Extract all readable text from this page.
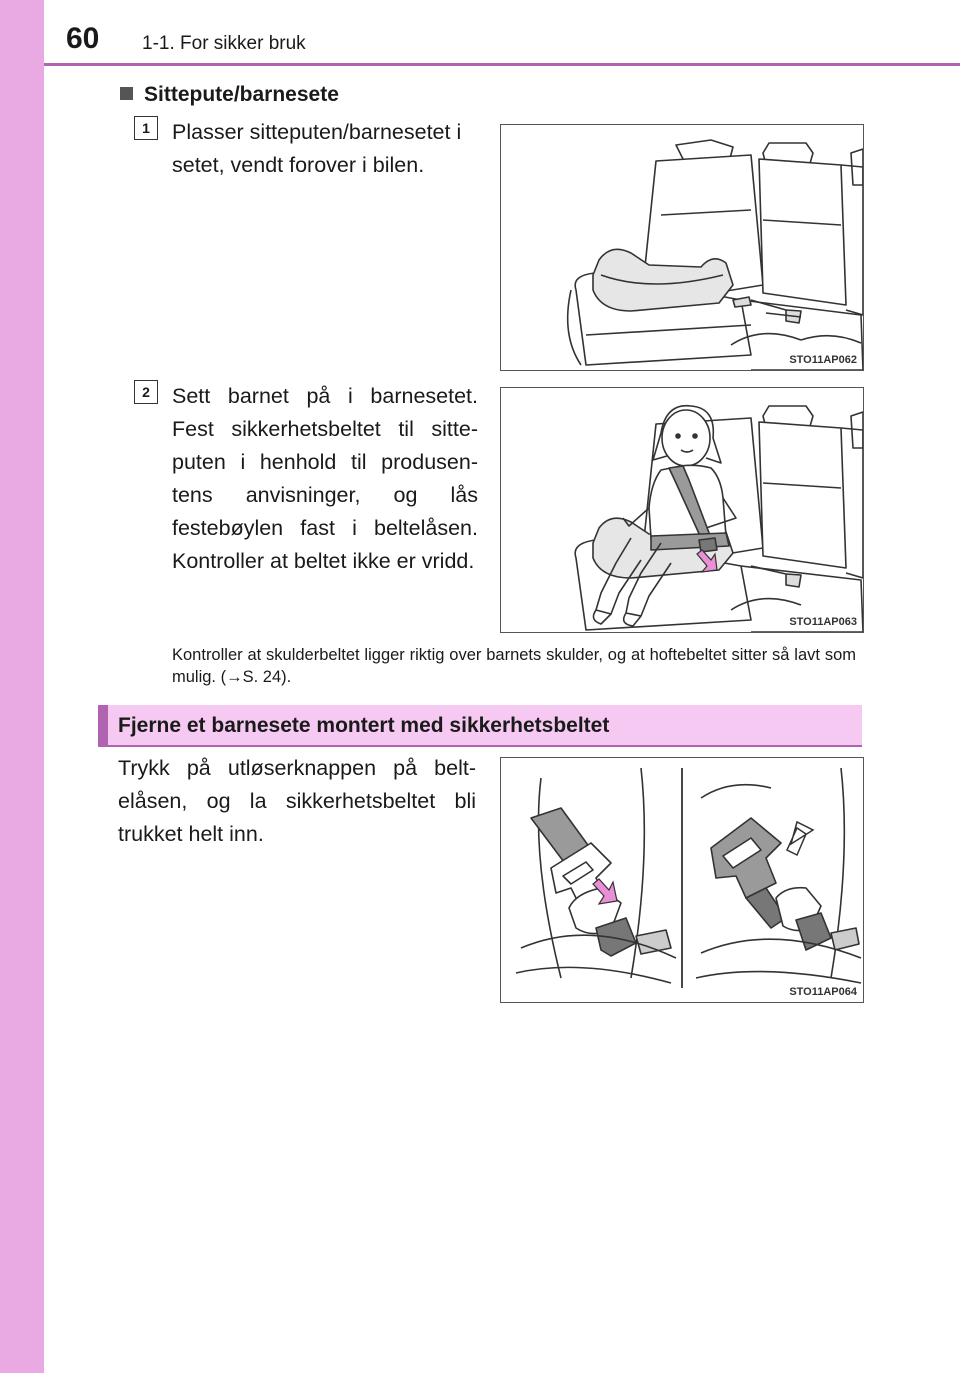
60 1-1. For sikker bruk
Sittepute/barnesete
1	Plasser sitteputen/barnesetet i setet, vendt forover i bilen.

STO11AP062
2	Sett barnet på i barnesetet. Fest sikkerhetsbeltet til sitte-puten i henhold til produsen-tens anvisninger, og lås festebøylen fast i beltelåsen. Kontroller at beltet ikke er vridd.

STO11AP063

Kontroller at skulderbeltet ligger riktig over barnets skulder, og at hoftebeltet sitter så lavt som mulig. (→S. 24).

Fjerne et barnesete montert med sikkerhetsbeltet

Trykk på utløserknappen på belt-elåsen, og la sikkerhetsbeltet bli trukket helt inn.

STO11AP064
